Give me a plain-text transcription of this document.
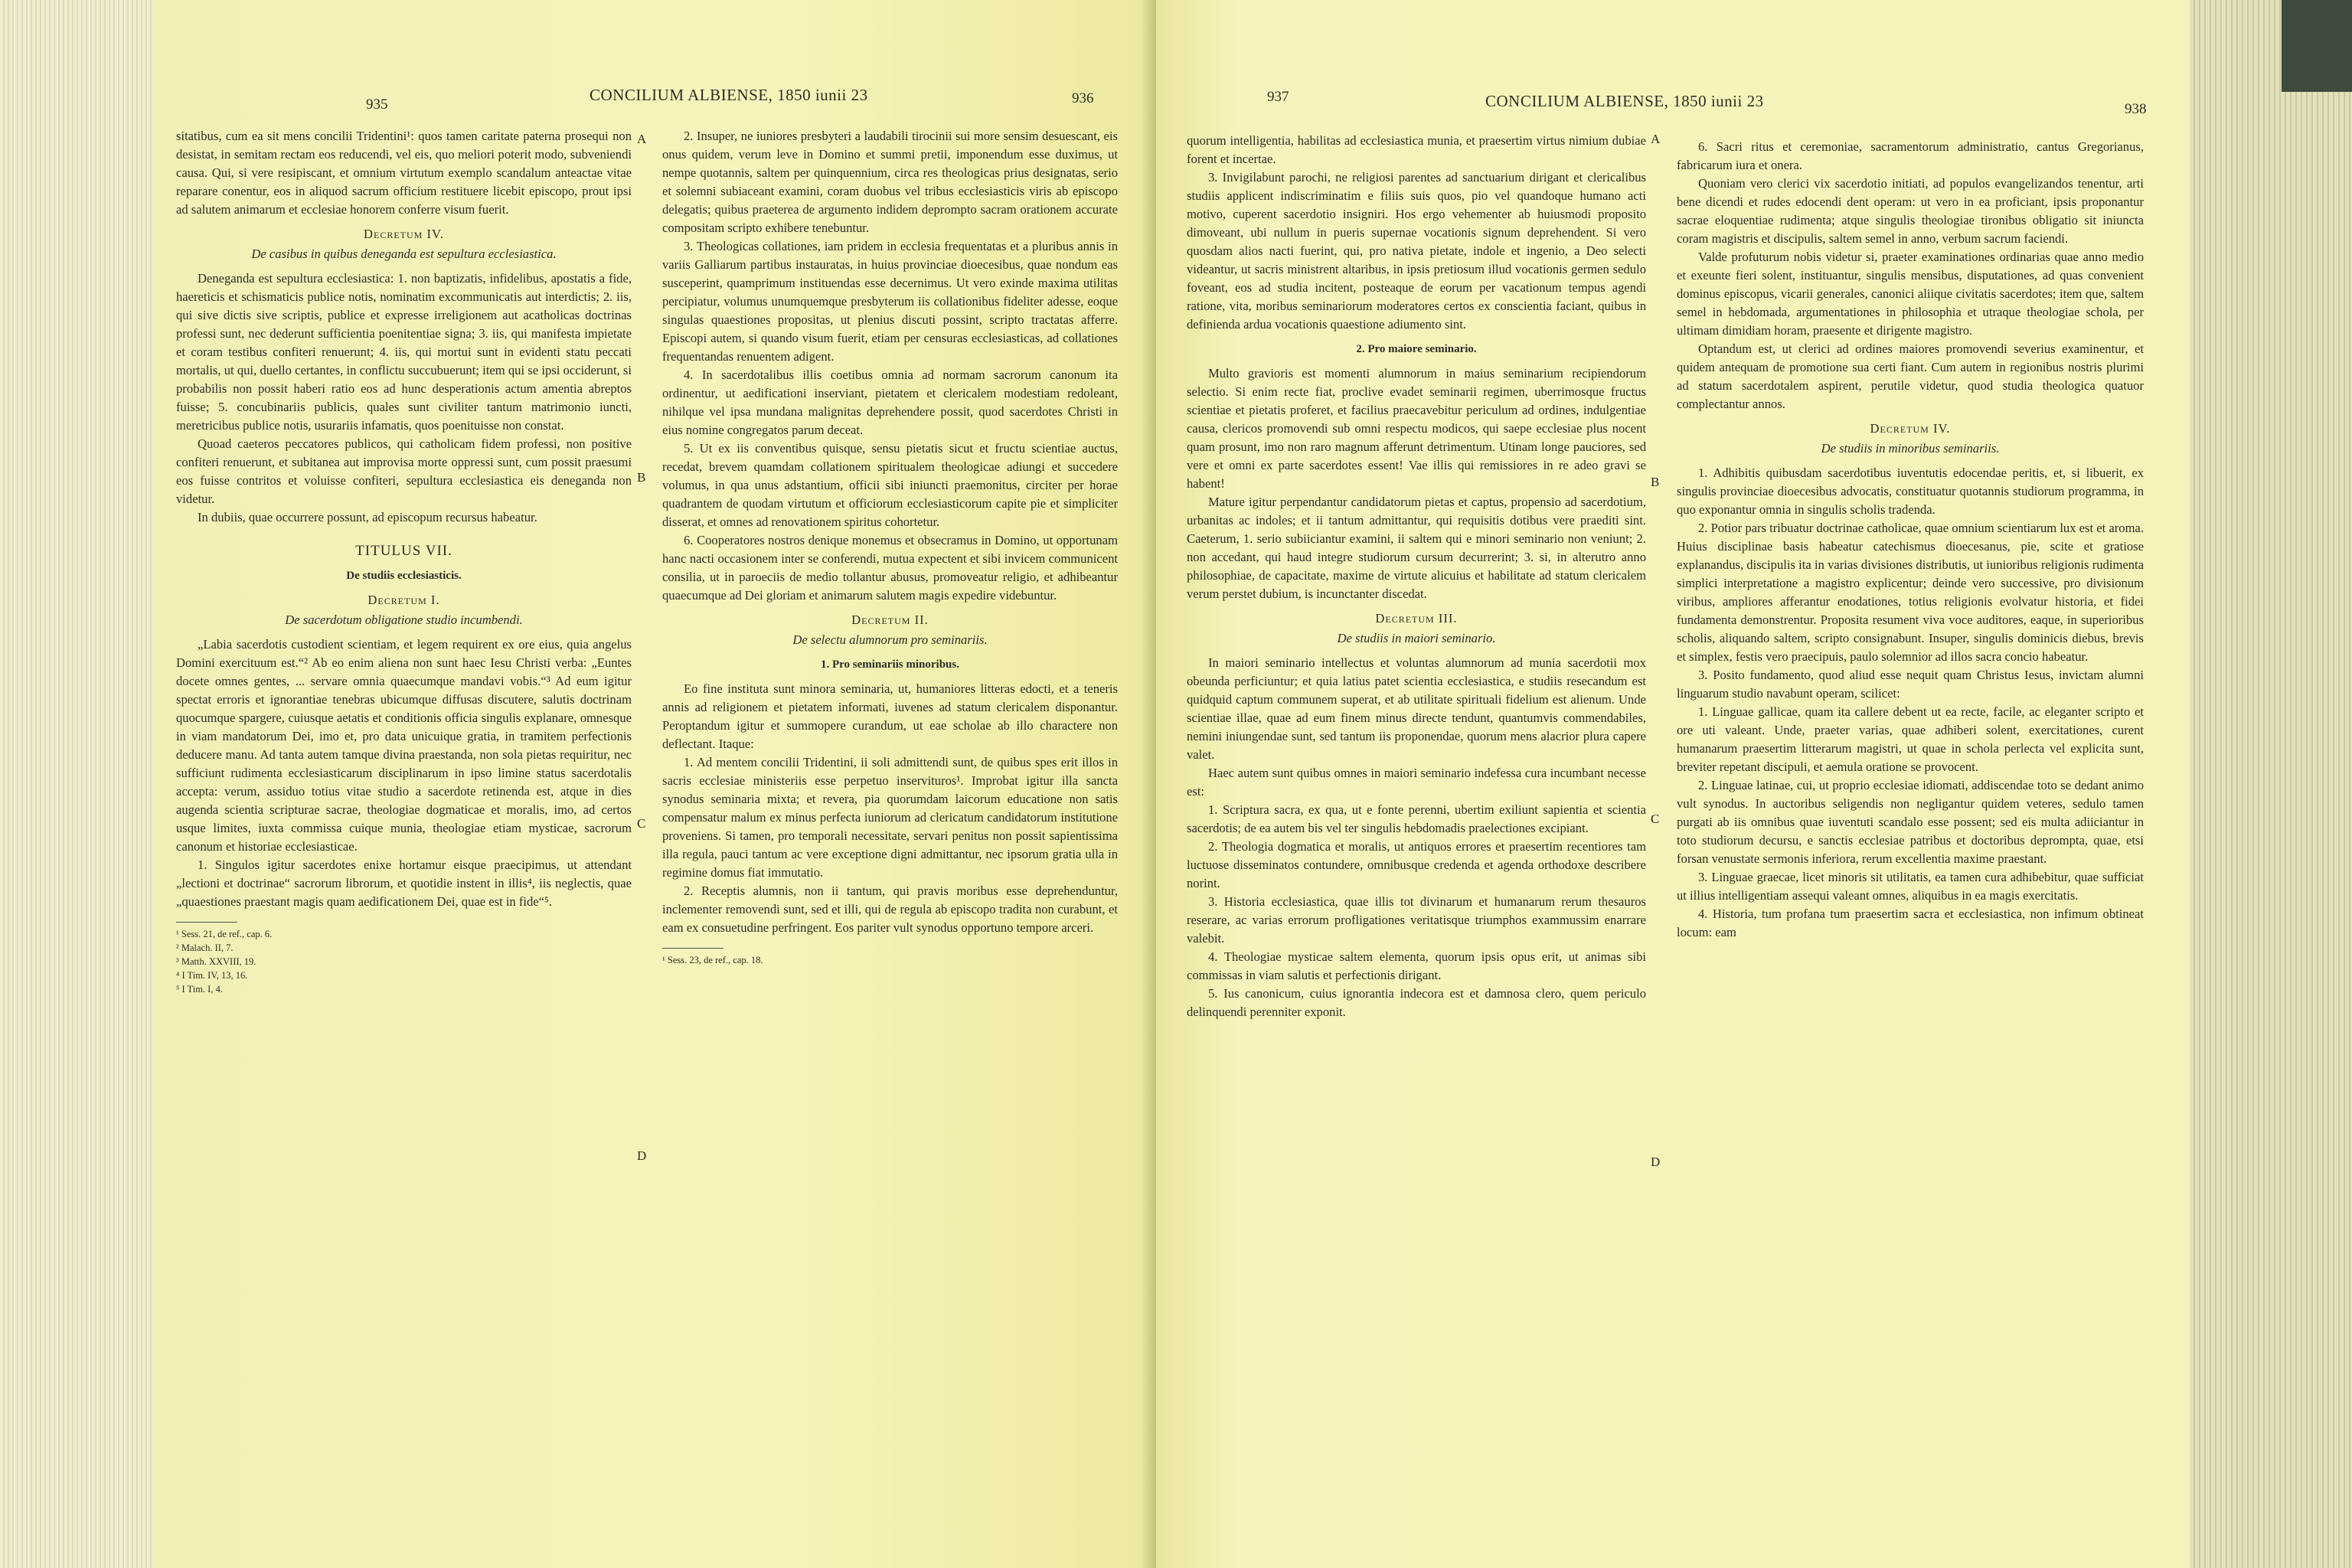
935
CONCILIUM ALBIENSE, 1850 iunii 23	936

sitatibus, cum ea sit mens concilii Tridentini¹: quos tamen caritate paterna prosequi non desistat, in semitam rectam eos reducendi, vel eis, quo meliori poterit modo, subveniendi causa. Qui, si vere resipiscant, et omnium virtutum exemplo scandalum anteactae vitae reparare conentur, eos in aliquod sacrum officium restituere licebit episcopo, prout ipsi ad salutem animarum et ecclesiae honorem conferre visum fuerit.

Decretum IV.

De casibus in quibus deneganda est sepultura ecclesiastica.

Deneganda est sepultura ecclesiastica: 1. non baptizatis, infidelibus, apostatis a fide, haereticis et schismaticis publice notis, nominatim excommunicatis aut interdictis; 2. iis, qui sive dictis sive scriptis, publice et expresse irreligionem aut acatholicas doctrinas professi sunt, nec dederunt sufficientia poenitentiae signa; 3. iis, qui manifesta impietate et coram testibus confiteri renuerunt; 4. iis, qui mortui sunt in evidenti statu peccati mortalis, ut qui, duello certantes, in conflictu succubuerunt; item qui se ipsi occiderunt, si probabilis non possit haberi ratio eos ad hunc desperationis actum amentia abreptos fuisse; 5. concubinariis publicis, quales sunt civiliter tantum matrimonio iuncti, meretricibus publice notis, usurariis infamatis, quos poenituisse non constat.

Quoad caeteros peccatores publicos, qui catholicam fidem professi, non positive confiteri renuerunt, et subitanea aut improvisa morte oppressi sunt, cum possit praesumi eos fuisse contritos et voluisse confiteri, sepultura ecclesiastica eis deneganda non videtur.

In dubiis, quae occurrere possunt, ad episcopum recursus habeatur.

TITULUS VII.

De studiis ecclesiasticis.

Decretum I.

De sacerdotum obligatione studio incumbendi.

„Labia sacerdotis custodient scientiam, et legem requirent ex ore eius, quia angelus Domini exercituum est.“² Ab eo enim aliena non sunt haec Iesu Christi verba: „Euntes docete omnes gentes, ... servare omnia quaecumque mandavi vobis.“³ Ad eum igitur spectat erroris et ignorantiae tenebras ubicumque diffusas discutere, salutis doctrinam quocumque spargere, cuiusque aetatis et conditionis officia singulis explanare, omnesque in viam mandatorum Dei, imo et, pro data unicuique gratia, in tramitem perfectionis deducere manu. Ad tanta autem tamque divina praestanda, non sola pietas requiritur, nec sufficiunt rudimenta ecclesiasticarum disciplinarum in ipso limine status sacerdotalis accepta: verum, assiduo totius vitae studio a sacerdote retinenda est, atque in dies augenda scientia scripturae sacrae, theologiae dogmaticae et moralis, imo, ad certos usque limites, iuxta commissa cuique munia, theologiae etiam mysticae, sacrorum canonum et historiae ecclesiasticae.

1. Singulos igitur sacerdotes enixe hortamur eisque praecipimus, ut attendant „lectioni et doctrinae“ sacrorum librorum, et quotidie instent in illis⁴, iis neglectis, quae „quaestiones praestant magis quam aedificationem Dei, quae est in fide“⁵.

¹ Sess. 21, de ref., cap. 6.

² Malach. II, 7.

³ Matth. XXVIII, 19.

⁴ I Tim. IV, 13, 16.

⁵ I Tim. I, 4.

2. Insuper, ne iuniores presbyteri a laudabili tirocinii sui more sensim desuescant, eis onus quidem, verum leve in Domino et summi pretii, imponendum esse duximus, ut nempe quotannis, saltem per quinquennium, circa res theologicas prius designatas, serio et solemni subiaceant examini, coram duobus vel tribus ecclesiasticis viris ab episcopo delegatis; quibus praeterea de argumento indidem deprompto sacram orationem accurate compositam scripto exhibere tenebuntur.

3. Theologicas collationes, iam pridem in ecclesia frequentatas et a pluribus annis in variis Galliarum partibus instauratas, in huius provinciae dioecesibus, quae nondum eas susceperint, quamprimum instituendas esse decernimus. Ut vero exinde maxima utilitas percipiatur, volumus unumquemque presbyterum iis collationibus fideliter adesse, eoque singulas quaestiones propositas, ut plenius discuti possint, scripto tractatas afferre. Episcopi autem, si quando visum fuerit, etiam per censuras ecclesiasticas, ad collationes frequentandas renuentem adigent.

4. In sacerdotalibus illis coetibus omnia ad normam sacrorum canonum ita ordinentur, ut aedificationi inserviant, pietatem et clericalem modestiam redoleant, nihilque vel ipsa mundana malignitas deprehendere possit, quod sacerdotes Christi in eius nomine congregatos parum deceat.

5. Ut ex iis conventibus quisque, sensu pietatis sicut et fructu scientiae auctus, recedat, brevem quamdam collationem spiritualem theologicae adiungi et succedere volumus, in qua unus adstantium, officii sibi iniuncti praemonitus, circiter per horae quadrantem de quodam virtutum et officiorum ecclesiasticorum capite pie et simpliciter disserat, et omnes ad renovationem spiritus cohortetur.

6. Cooperatores nostros denique monemus et obsecramus in Domino, ut opportunam hanc nacti occasionem inter se conferendi, mutua expectent et sibi invicem communicent consilia, ut in paroeciis de medio tollantur abusus, promoveatur religio, et adhibeantur quaecumque ad Dei gloriam et animarum salutem magis expedire videbuntur.

Decretum II.

De selectu alumnorum pro seminariis.

1. Pro seminariis minoribus.

Eo fine instituta sunt minora seminaria, ut, humaniores litteras edocti, et a teneris annis ad religionem et pietatem informati, iuvenes ad statum clericalem disponantur. Peroptandum igitur et summopere curandum, ut eae scholae ab illo charactere non deflectant. Itaque:

1. Ad mentem concilii Tridentini, ii soli admittendi sunt, de quibus spes erit illos in sacris ecclesiae ministeriis esse perpetuo inservituros¹. Improbat igitur illa sancta synodus seminaria mixta; et revera, pia quorumdam laicorum educatione non satis compensatur malum ex minus perfecta iuniorum ad clericatum candidatorum institutione proveniens. Si tamen, pro temporali necessitate, servari penitus non possit sapientissima illa regula, pauci tantum ac vere exceptione digni admittantur, nec ipsorum gratia ulla in regimine domus fiat immutatio.

2. Receptis alumnis, non ii tantum, qui pravis moribus esse deprehenduntur, inclementer removendi sunt, sed et illi, qui de regula ab episcopo tradita non curabunt, et eam ex consuetudine perfringent. Eos pariter vult synodus opportuno tempore arceri.

¹ Sess. 23, de ref., cap. 18.

A
B
C
D
937	CONCILIUM ALBIENSE, 1850 iunii 23	938

quorum intelligentia, habilitas ad ecclesiastica munia, et praesertim virtus nimium dubiae forent et incertae.

3. Invigilabunt parochi, ne religiosi parentes ad sanctuarium dirigant et clericalibus studiis applicent indiscriminatim e filiis suis quos, pio vel quandoque humano acti motivo, cuperent sacerdotio insigniri. Hos ergo vehementer ab huiusmodi proposito dimoveant, ubi nullum in pueris supernae vocationis signum deprehendent. Si vero quosdam alios nacti fuerint, qui, pro nativa pietate, indole et ingenio, a Deo selecti videantur, ut sacris ministrent altaribus, in ipsis pretiosum illud vocationis germen sedulo foveant, eos ad studia incitent, posteaque de eorum per vacationum tempus agendi ratione, vita, moribus seminariorum moderatores certos ex conscientia faciant, quibus in definienda ardua vocationis quaestione adiumento sint.

2. Pro maiore seminario.

Multo gravioris est momenti alumnorum in maius seminarium recipiendorum selectio. Si enim recte fiat, proclive evadet seminarii regimen, uberrimosque fructus scientiae et pietatis proferet, et facilius praecavebitur periculum ad ordines, indulgentiae causa, clericos promovendi sub omni respectu modicos, qui saepe ecclesiae plus nocent quam prosunt, imo non raro magnum afferunt detrimentum. Utinam longe pauciores, sed vere et omni ex parte sacerdotes essent! Vae illis qui remissiores in re adeo gravi se habent!

Mature igitur perpendantur candidatorum pietas et captus, propensio ad sacerdotium, urbanitas ac indoles; et ii tantum admittantur, qui requisitis dotibus vere praediti sint. Caeterum, 1. serio subiiciantur examini, ii saltem qui e minori seminario non veniunt; 2. non accedant, qui haud integre studiorum cursum decurrerint; 3. si, in alterutro anno philosophiae, de capacitate, maxime de virtute alicuius et habilitate ad statum clericalem verum perstet dubium, is incunctanter discedat.

Decretum III.

De studiis in maiori seminario.

In maiori seminario intellectus et voluntas alumnorum ad munia sacerdotii mox obeunda perficiuntur; et quia latius patet scientia ecclesiastica, e studiis resecandum est quidquid captum communem superat, et ab utilitate spirituali fidelium est alienum. Unde scientiae illae, quae ad eum finem minus directe tendunt, quantumvis commendabiles, nemini iniungendae sunt, sed tantum iis proponendae, quorum mens alacrior plura capere valet.

Haec autem sunt quibus omnes in maiori seminario indefessa cura incumbant necesse est:

1. Scriptura sacra, ex qua, ut e fonte perenni, ubertim exiliunt sapientia et scientia sacerdotis; de ea autem bis vel ter singulis hebdomadis praelectiones excipiant.

2. Theologia dogmatica et moralis, ut antiquos errores et praesertim recentiores tam luctuose disseminatos contundere, omnibusque credenda et agenda orthodoxe describere norint.

3. Historia ecclesiastica, quae illis tot divinarum et humanarum rerum thesauros reserare, ac varias errorum profligationes veritatisque triumphos exammussim enarrare valebit.

4. Theologiae mysticae saltem elementa, quorum ipsis opus erit, ut animas sibi commissas in viam salutis et perfectionis dirigant.

5. Ius canonicum, cuius ignorantia indecora est et damnosa clero, quem periculo delinquendi perenniter exponit.

6. Sacri ritus et ceremoniae, sacramentorum administratio, cantus Gregorianus, fabricarum iura et onera.

Quoniam vero clerici vix sacerdotio initiati, ad populos evangelizandos tenentur, arti bene dicendi et rudes edocendi dent operam: ut vero in ea proficiant, ipsis proponantur sacrae eloquentiae rudimenta; atque singulis theologiae tironibus obligatio sit iniuncta coram magistris et discipulis, saltem semel in anno, verbum sacrum faciendi.

Valde profuturum nobis videtur si, praeter examinationes ordinarias quae anno medio et exeunte fieri solent, instituantur, singulis mensibus, disputationes, ad quas convenient dominus episcopus, vicarii generales, canonici aliique civitatis sacerdotes; item que, saltem semel in hebdomada, argumentationes in philosophia et utraque theologiae schola, per ultimam dimidiam horam, praesente et dirigente magistro.

Optandum est, ut clerici ad ordines maiores promovendi severius examinentur, et quidem antequam de promotione sua certi fiant. Cum autem in regionibus nostris plurimi ad statum sacerdotalem aspirent, perutile videtur, quod studia theologica quatuor complectantur annos.

Decretum IV.

De studiis in minoribus seminariis.

1. Adhibitis quibusdam sacerdotibus iuventutis edocendae peritis, et, si libuerit, ex singulis provinciae dioecesibus advocatis, constituatur quotannis studiorum programma, in quo exponantur omnia in singulis scholis tradenda.

2. Potior pars tribuatur doctrinae catholicae, quae omnium scientiarum lux est et aroma. Huius disciplinae basis habeatur catechismus dioecesanus, pie, scite et gratiose explanandus, discipulis ita in varias divisiones distributis, ut iunioribus religionis rudimenta simplici interpretatione a magistro explicentur; deinde vero successive, pro divisionum viribus, ampliores afferantur enodationes, totius religionis evolvatur historia, et fidei fundamenta demonstrentur. Proposita resument viva voce auditores, eaque, in superioribus scholis, aliquando saltem, scripto consignabunt. Insuper, singulis dominicis diebus, brevis et simplex, festis vero praecipuis, paulo solemnior ad illos sacra concio habeatur.

3. Posito fundamento, quod aliud esse nequit quam Christus Iesus, invictam alumni linguarum studio navabunt operam, scilicet:

1. Linguae gallicae, quam ita callere debent ut ea recte, facile, ac eleganter scripto et ore uti valeant. Unde, praeter varias, quae adhiberi solent, exercitationes, curent humanarum praesertim litterarum magistri, ut quae in schola perlecta vel explicita sunt, breviter repetant discipuli, et aemula oratione se provocent.

2. Linguae latinae, cui, ut proprio ecclesiae idiomati, addiscendae toto se dedant animo vult synodus. In auctoribus seligendis non negligantur quidem veteres, sedulo tamen purgati ab iis omnibus quae iuventuti scandalo esse possent; sed eis multa adiiciantur in toto studiorum decursu, e sanctis ecclesiae patribus et doctoribus deprompta, quae, etsi forsan venustate sermonis inferiora, rerum excellentia maxime praestant.

3. Linguae graecae, licet minoris sit utilitatis, ea tamen cura adhibebitur, quae sufficiat ut illius intelligentiam assequi valeant omnes, aliquibus in ea magis exercitatis.

4. Historia, tum profana tum praesertim sacra et ecclesiastica, non infimum obtineat locum: eam

A
B
C
D
